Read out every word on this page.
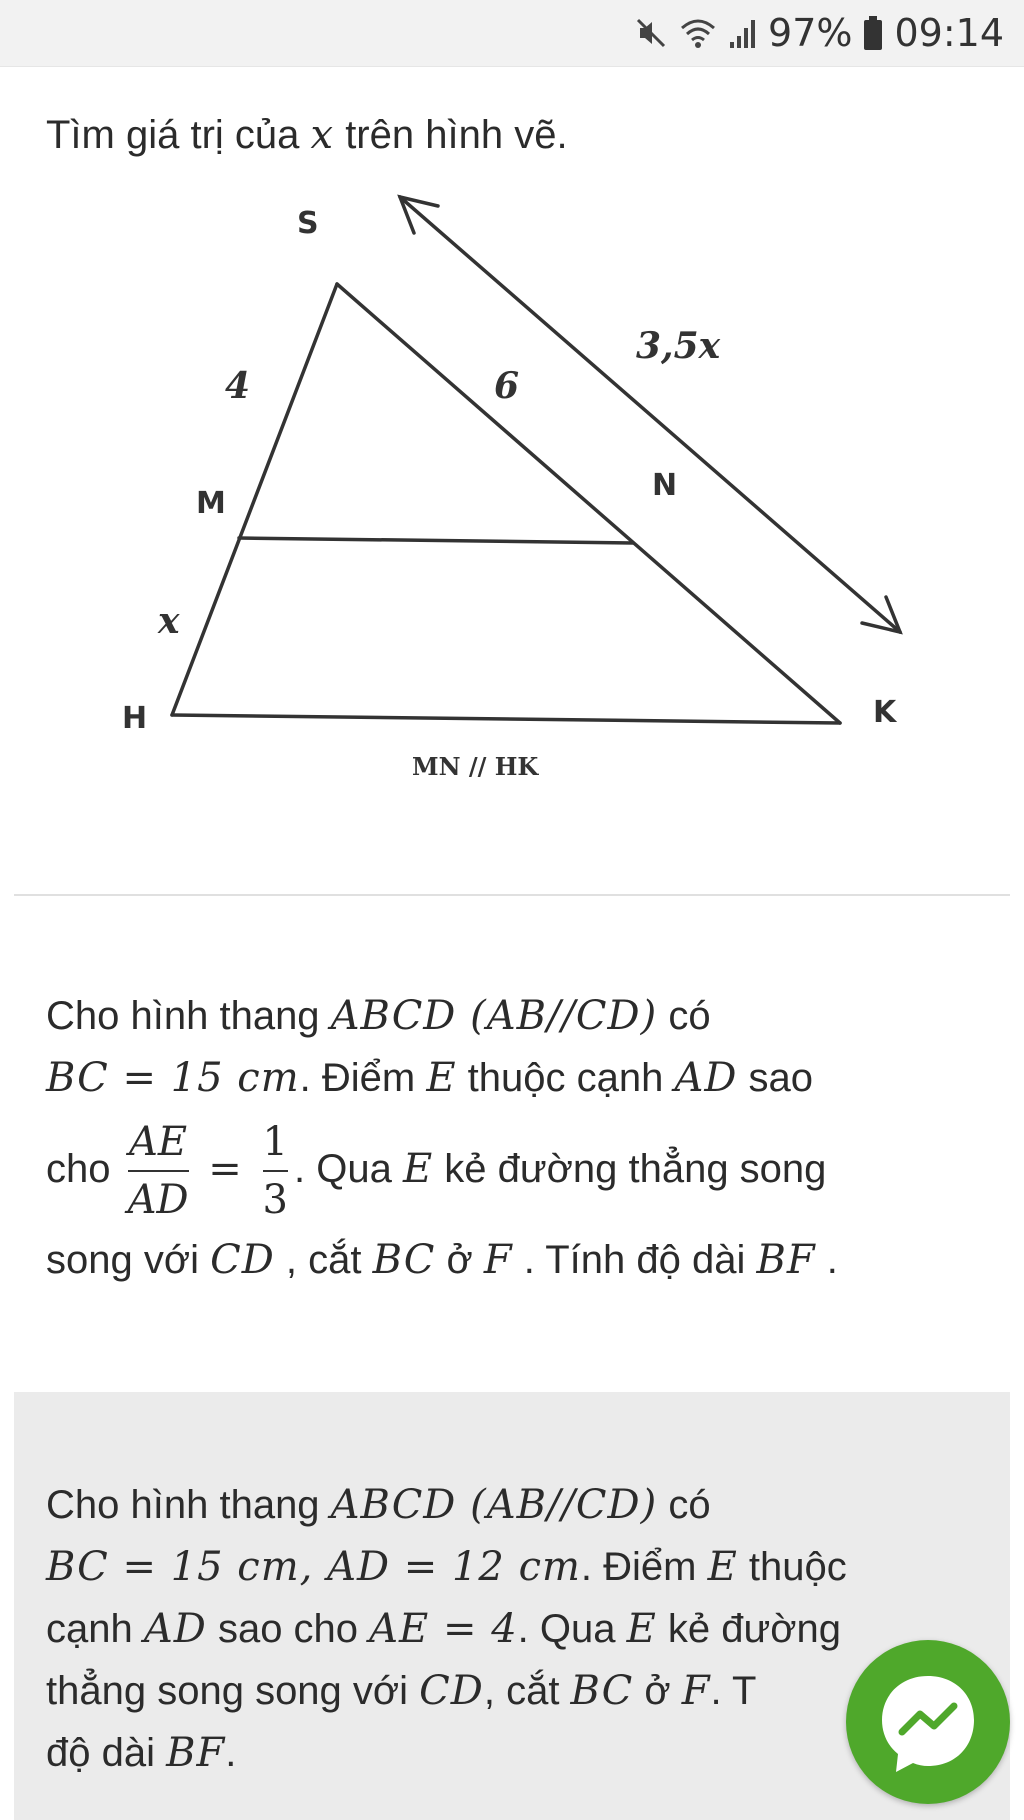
97% 09:14
Tìm giá trị của x trên hình vẽ.
S
M
N
H	K
4	6
x
3,5x
MN // HK

Cho hình thang ABCD (AB//CD) có

BC = 15 cm. Điểm E thuộc cạnh AD sao

cho $\frac{AE}{AD} = \frac{1}{3}$ . Qua E kẻ đường thẳng song

song với CD , cắt BC ở F . Tính độ dài BF .

Cho hình thang ABCD (AB//CD) có
BC = 15 cm, AD = 12 cm. Điểm E thuộc
cạnh AD sao cho AE = 4. Qua E kẻ đường
thẳng song song với CD, cắt BC ở F. T
độ dài BF.
